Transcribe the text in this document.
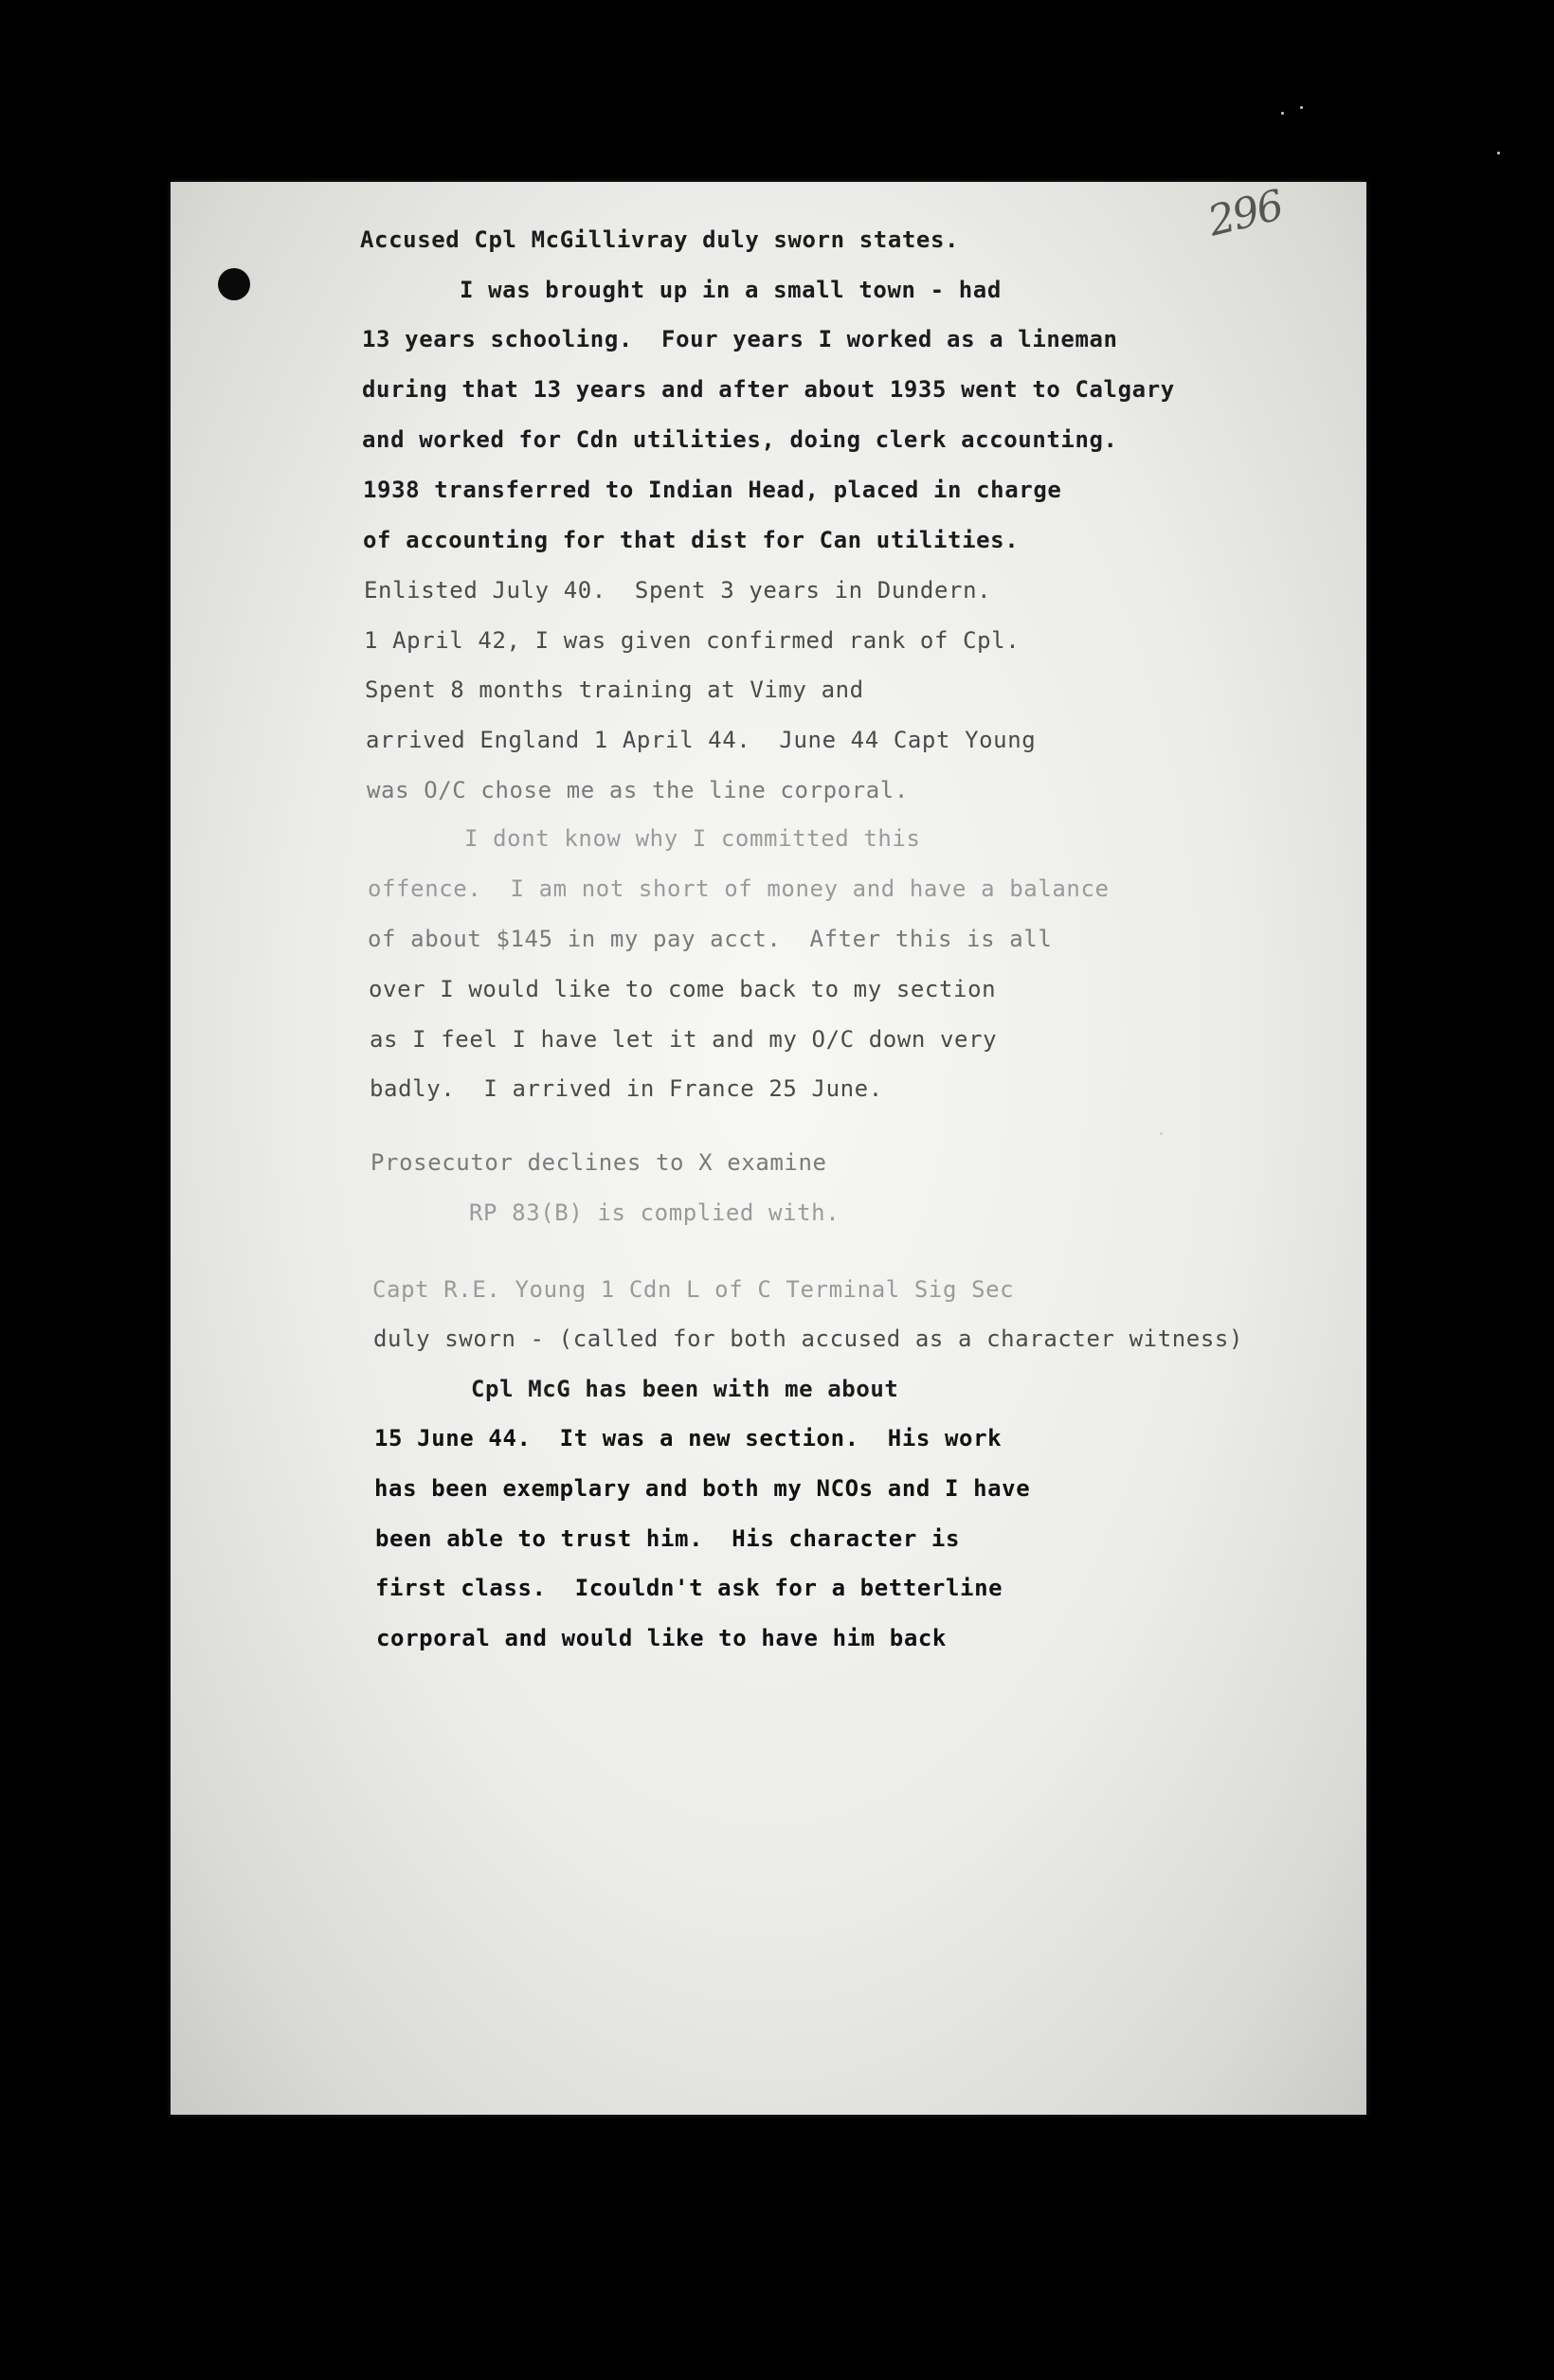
296
Accused Cpl McGillivray duly sworn states.
I was brought up in a small town - had
13 years schooling.  Four years I worked as a lineman
during that 13 years and after about 1935 went to Calgary
and worked for Cdn utilities, doing clerk accounting.
1938 transferred to Indian Head, placed in charge
of accounting for that dist for Can utilities.
Enlisted July 40.  Spent 3 years in Dundern.
1 April 42, I was given confirmed rank of Cpl.
Spent 8 months training at Vimy and
arrived England 1 April 44.  June 44 Capt Young
was O/C chose me as the line corporal.
I dont know why I committed this
offence.  I am not short of money and have a balance
of about $145 in my pay acct.  After this is all
over I would like to come back to my section
as I feel I have let it and my O/C down very
badly.  I arrived in France 25 June.
Prosecutor declines to X examine
RP 83(B) is complied with.
Capt R.E. Young 1 Cdn L of C Terminal Sig Sec
duly sworn - (called for both accused as a character witness)
Cpl McG has been with me about
15 June 44.  It was a new section.  His work
has been exemplary and both my NCOs and I have
been able to trust him.  His character is
first class.  Icouldn't ask for a betterline
corporal and would like to have him back
